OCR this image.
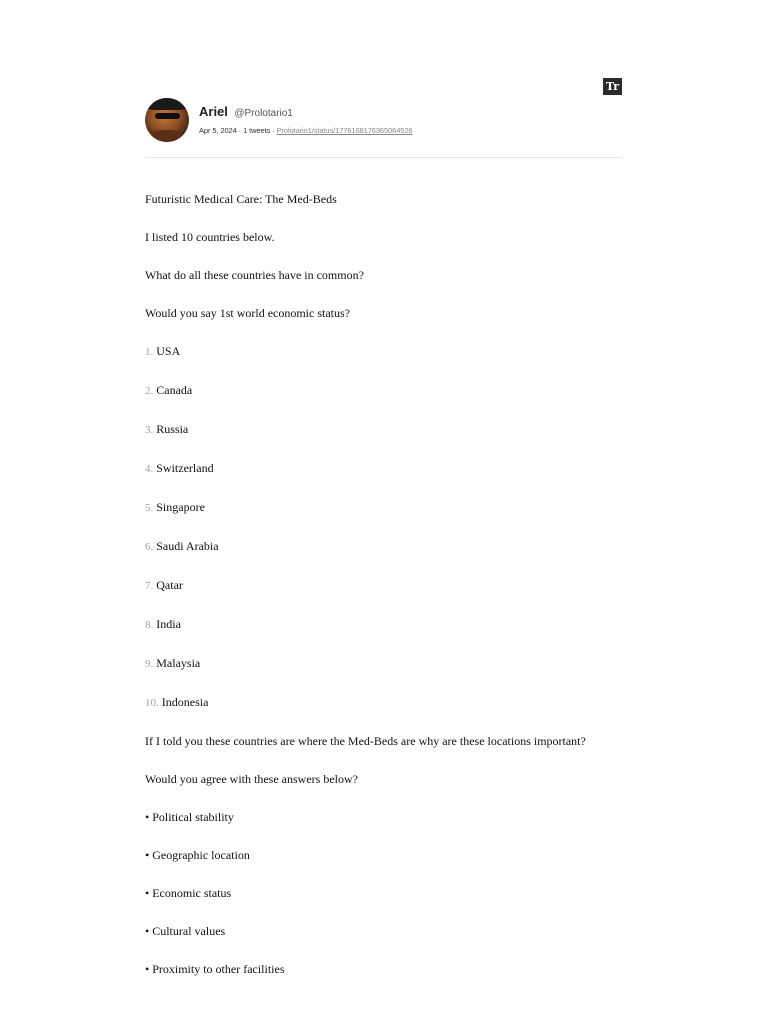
Tr
Ariel @Prolotario1
Apr 5, 2024 · 1 tweets · Prolotario1/status/1776168176365064526

Futuristic Medical Care: The Med-Beds

I listed 10 countries below.

What do all these countries have in common?

Would you say 1st world economic status?

1. USA

2. Canada

3. Russia

4. Switzerland

5. Singapore

6. Saudi Arabia

7. Qatar

8. India

9. Malaysia

10. Indonesia

If I told you these countries are where the Med-Beds are why are these locations important?

Would you agree with these answers below?

• Political stability

• Geographic location

• Economic status

• Cultural values

• Proximity to other facilities
